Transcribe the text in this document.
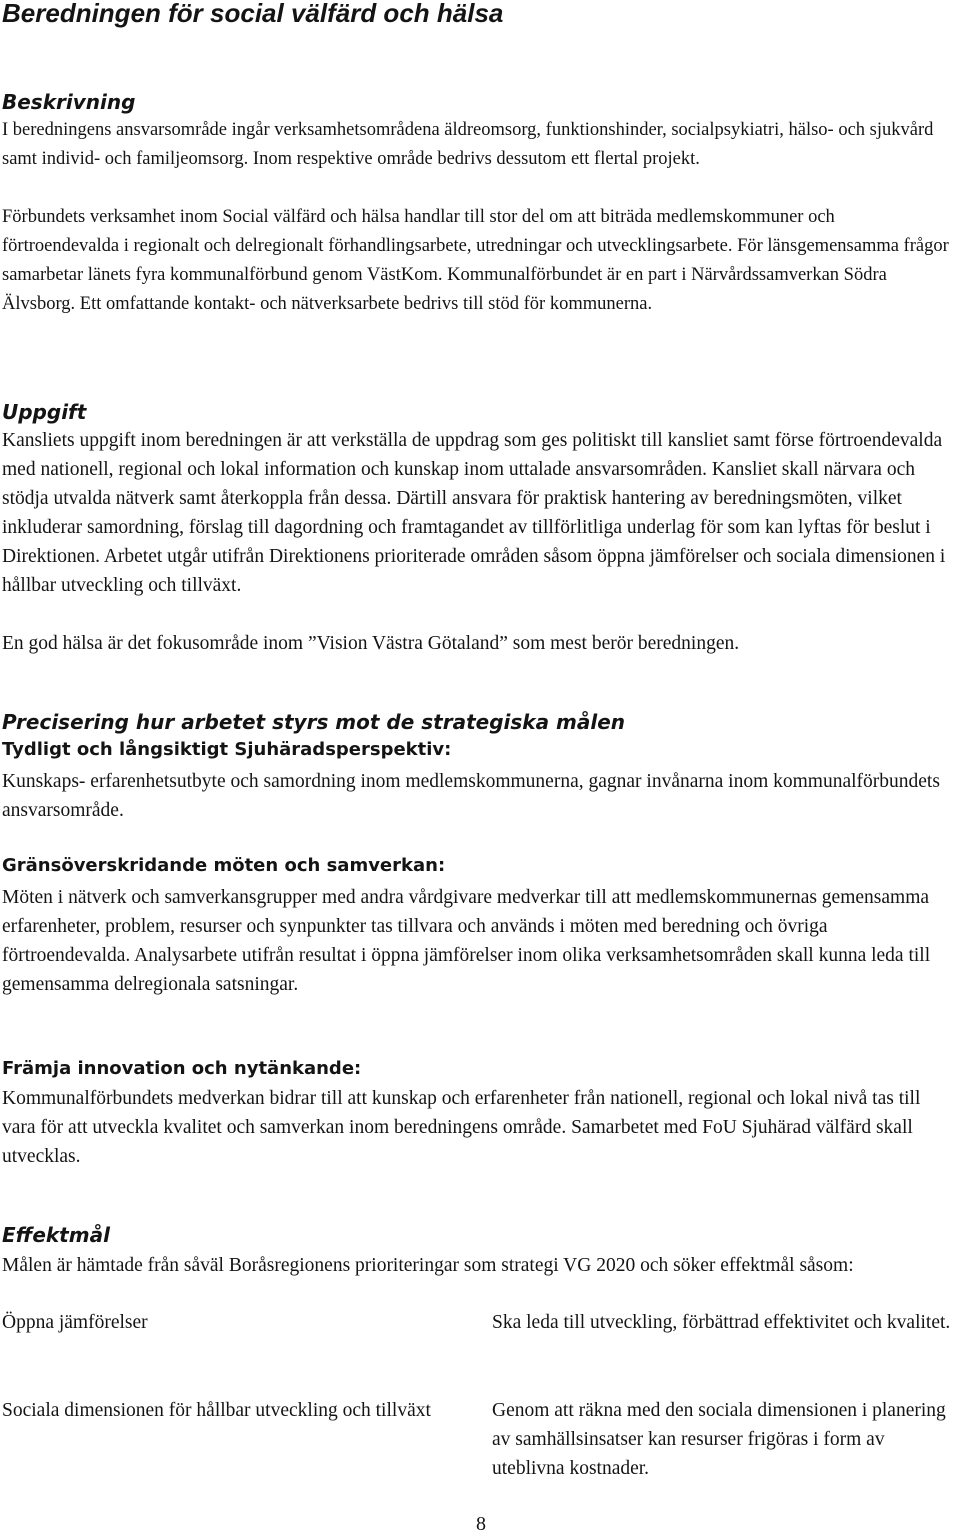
Beredningen för social välfärd och hälsa
Beskrivning

I beredningens ansvarsområde ingår verksamhetsområdena äldreomsorg, funktionshinder, socialpsykiatri, hälso- och sjukvård samt individ- och familjeomsorg. Inom respektive område bedrivs dessutom ett flertal projekt.

Förbundets verksamhet inom Social välfärd och hälsa handlar till stor del om att biträda medlemskommuner och förtroendevalda i regionalt och delregionalt förhandlingsarbete, utredningar och utvecklingsarbete. För länsgemensamma frågor samarbetar länets fyra kommunalförbund genom VästKom. Kommunalförbundet är en part i Närvårdssamverkan Södra Älvsborg. Ett omfattande kontakt- och nätverksarbete bedrivs till stöd för kommunerna.

Uppgift

Kansliets uppgift inom beredningen är att verkställa de uppdrag som ges politiskt till kansliet samt förse förtroendevalda med nationell, regional och lokal information och kunskap inom uttalade ansvarsområden. Kansliet skall närvara och stödja utvalda nätverk samt återkoppla från dessa. Därtill ansvara för praktisk hantering av beredningsmöten, vilket inkluderar samordning, förslag till dagordning och framtagandet av tillförlitliga underlag för som kan lyftas för beslut i Direktionen. Arbetet utgår utifrån Direktionens prioriterade områden såsom öppna jämförelser och sociala dimensionen i hållbar utveckling och tillväxt.

En god hälsa är det fokusområde inom ”Vision Västra Götaland” som mest berör beredningen.

Precisering hur arbetet styrs mot de strategiska målen
Tydligt och långsiktigt Sjuhäradsperspektiv:

Kunskaps- erfarenhetsutbyte och samordning inom medlemskommunerna, gagnar invånarna inom kommunalförbundets ansvarsområde.

Gränsöverskridande möten och samverkan:

Möten i nätverk och samverkansgrupper med andra vårdgivare medverkar till att medlemskommunernas gemensamma erfarenheter, problem, resurser och synpunkter tas tillvara och används i möten med beredning och övriga förtroendevalda. Analysarbete utifrån resultat i öppna jämförelser inom olika verksamhetsområden skall kunna leda till gemensamma delregionala satsningar.

Främja innovation och nytänkande:

Kommunalförbundets medverkan bidrar till att kunskap och erfarenheter från nationell, regional och lokal nivå tas till vara för att utveckla kvalitet och samverkan inom beredningens område. Samarbetet med FoU Sjuhärad välfärd skall utvecklas.

Effektmål

Målen är hämtade från såväl Boråsregionens prioriteringar som strategi VG 2020 och söker effektmål såsom:

Öppna jämförelser	Ska leda till utveckling, förbättrad effektivitet och kvalitet.

Sociala dimensionen för hållbar utveckling och tillväxt	Genom att räkna med den sociala dimensionen i planering av samhällsinsatser kan resurser frigöras i form av uteblivna kostnader.

8
